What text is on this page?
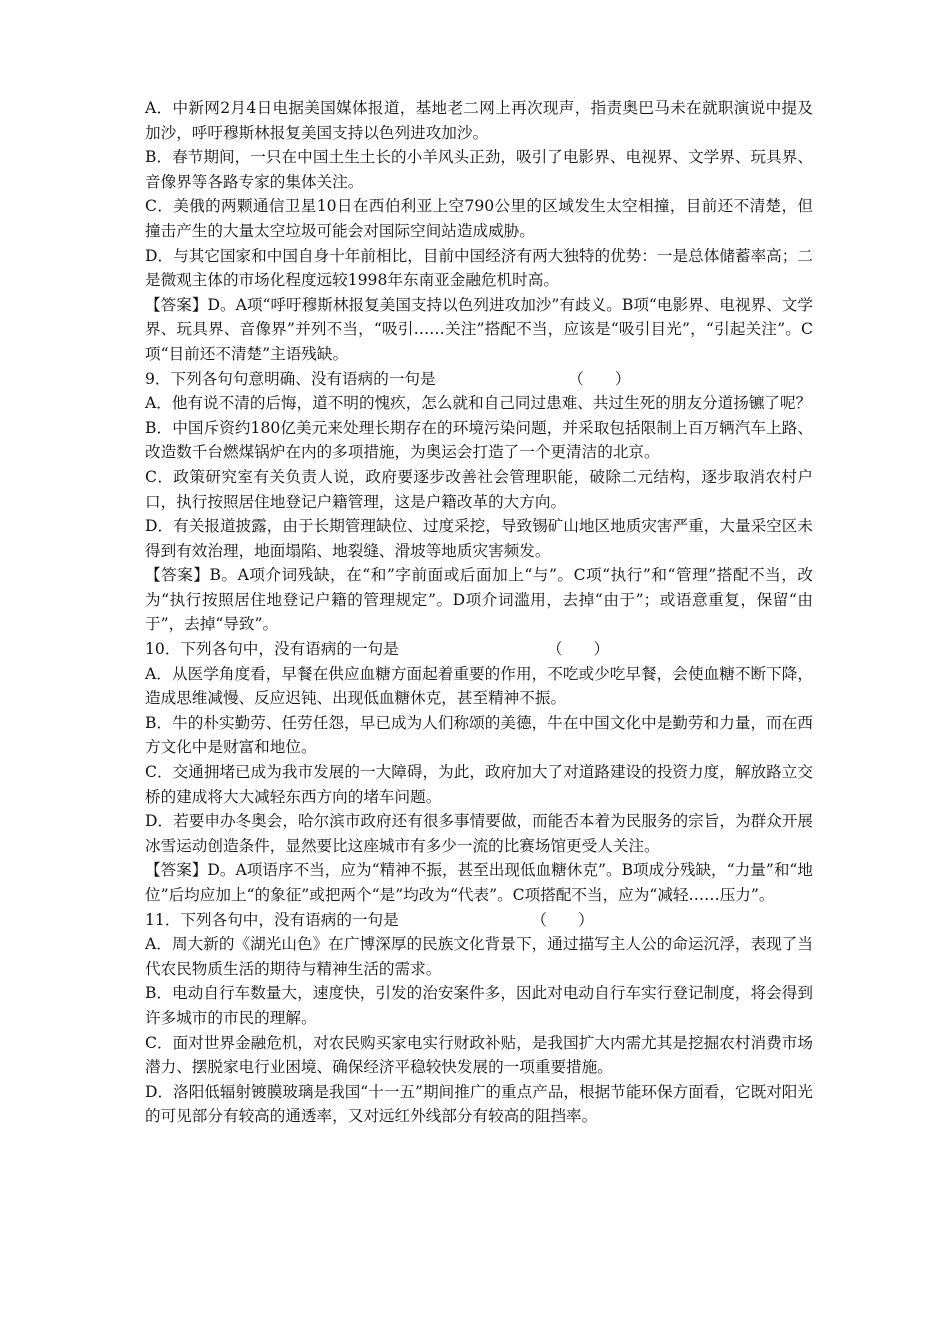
A．中新网2月4日电据美国媒体报道，基地老二网上再次现声，指责奥巴马未在就职演说中提及加沙，呼吁穆斯林报复美国支持以色列进攻加沙。

B．春节期间，一只在中国土生土长的小羊风头正劲，吸引了电影界、电视界、文学界、玩具界、音像界等各路专家的集体关注。

C．美俄的两颗通信卫星10日在西伯利亚上空790公里的区域发生太空相撞，目前还不清楚，但撞击产生的大量太空垃圾可能会对国际空间站造成威胁。

D．与其它国家和中国自身十年前相比，目前中国经济有两大独特的优势：一是总体储蓄率高；二是微观主体的市场化程度远较1998年东南亚金融危机时高。

【答案】D。A项“呼吁穆斯林报复美国支持以色列进攻加沙”有歧义。B项“电影界、电视界、文学界、玩具界、音像界”并列不当，“吸引……关注”搭配不当，应该是“吸引目光”，“引起关注”。C项“目前还不清楚”主语残缺。

9．下列各句句意明确、没有语病的一句是　　　　　　　　　（　　）

A．他有说不清的后悔，道不明的愧疚，怎么就和自己同过患难、共过生死的朋友分道扬镳了呢？

B．中国斥资约180亿美元来处理长期存在的环境污染问题，并采取包括限制上百万辆汽车上路、改造数千台燃煤锅炉在内的多项措施，为奥运会打造了一个更清洁的北京。

C．政策研究室有关负责人说，政府要逐步改善社会管理职能，破除二元结构，逐步取消农村户口，执行按照居住地登记户籍管理，这是户籍改革的大方向。

D．有关报道披露，由于长期管理缺位、过度采挖，导致锡矿山地区地质灾害严重，大量采空区未得到有效治理，地面塌陷、地裂缝、滑坡等地质灾害频发。

【答案】B。A项介词残缺，在“和”字前面或后面加上“与”。C项“执行”和“管理”搭配不当，改为“执行按照居住地登记户籍的管理规定”。D项介词滥用，去掉“由于”；或语意重复，保留“由于”，去掉“导致”。

10．下列各句中，没有语病的一句是　　　　　　　　　　（　　）

A．从医学角度看，早餐在供应血糖方面起着重要的作用，不吃或少吃早餐，会使血糖不断下降，造成思维减慢、反应迟钝、出现低血糖休克，甚至精神不振。

B．牛的朴实勤劳、任劳任怨，早已成为人们称颂的美德，牛在中国文化中是勤劳和力量，而在西方文化中是财富和地位。

C．交通拥堵已成为我市发展的一大障碍，为此，政府加大了对道路建设的投资力度，解放路立交桥的建成将大大减轻东西方向的堵车问题。

D．若要申办冬奥会，哈尔滨市政府还有很多事情要做，而能否本着为民服务的宗旨，为群众开展冰雪运动创造条件，显然要比这座城市有多少一流的比赛场馆更受人关注。

【答案】D。A项语序不当，应为“精神不振，甚至出现低血糖休克”。B项成分残缺，“力量”和“地位”后均应加上“的象征”或把两个“是”均改为“代表”。C项搭配不当，应为“减轻……压力”。

11．下列各句中，没有语病的一句是　　　　　　　　　（　　）

A．周大新的《湖光山色》在广博深厚的民族文化背景下，通过描写主人公的命运沉浮，表现了当代农民物质生活的期待与精神生活的需求。

B．电动自行车数量大，速度快，引发的治安案件多，因此对电动自行车实行登记制度，将会得到许多城市的市民的理解。

C．面对世界金融危机，对农民购买家电实行财政补贴，是我国扩大内需尤其是挖掘农村消费市场潜力、摆脱家电行业困境、确保经济平稳较快发展的一项重要措施。

D．洛阳低辐射镀膜玻璃是我国“十一五”期间推广的重点产品，根据节能环保方面看，它既对阳光的可见部分有较高的通透率，又对远红外线部分有较高的阻挡率。
